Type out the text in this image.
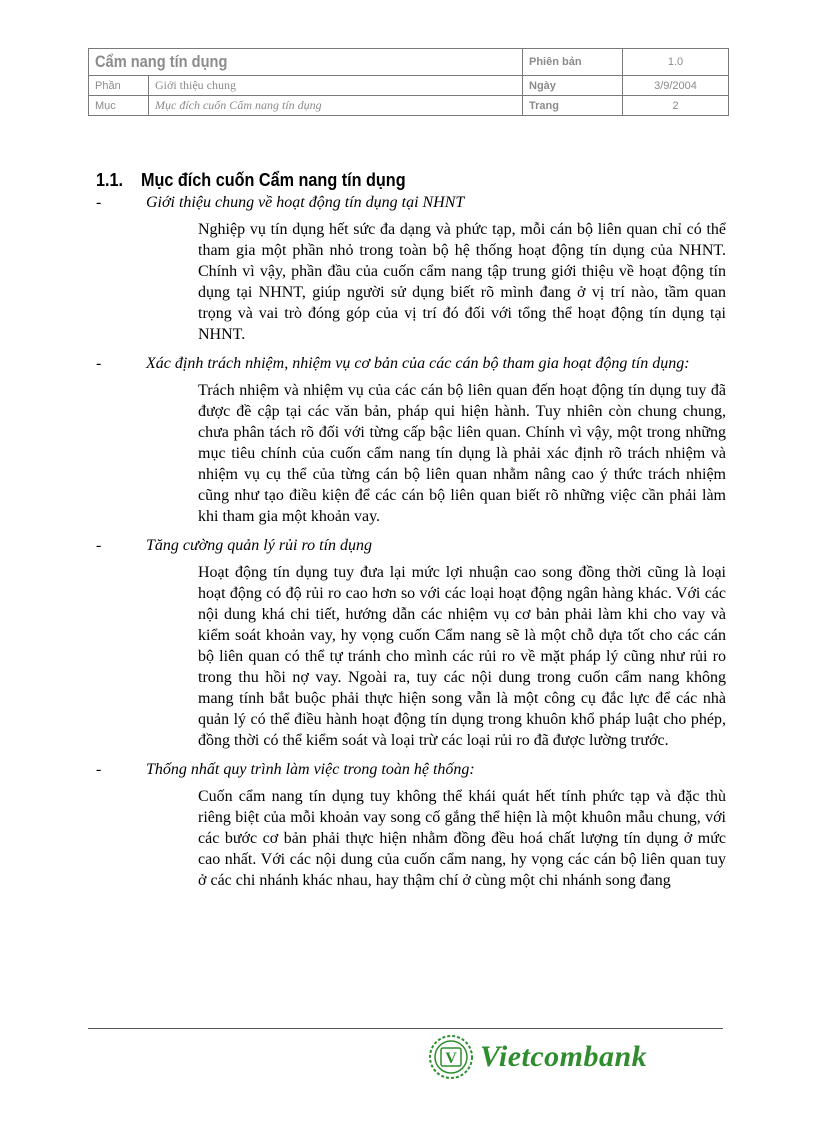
Cẩm nang tín dụng		Phiên bản	1.0
Phần	Giới thiệu chung	Ngày	3/9/2004
Mục	Mục đích cuốn Cẩm nang tín dụng	Trang	2
1.1. Mục đích cuốn Cẩm nang tín dụng
-	Giới thiệu chung về hoạt động tín dụng tại NHNT

Nghiệp vụ tín dụng hết sức đa dạng và phức tạp, mỗi cán bộ liên quan chỉ có thể tham gia một phần nhỏ trong toàn bộ hệ thống hoạt động tín dụng của NHNT. Chính vì vậy, phần đầu của cuốn cẩm nang tập trung giới thiệu về hoạt động tín dụng tại NHNT, giúp người sử dụng biết rõ mình đang ở vị trí nào, tầm quan trọng và vai trò đóng góp của vị trí đó đối với tổng thể hoạt động tín dụng tại NHNT.

-	Xác định trách nhiệm, nhiệm vụ cơ bản của các cán bộ tham gia hoạt động tín dụng:

Trách nhiệm và nhiệm vụ của các cán bộ liên quan đến hoạt động tín dụng tuy đã được đề cập tại các văn bản, pháp qui hiện hành. Tuy nhiên còn chung chung, chưa phân tách rõ đối với từng cấp bậc liên quan. Chính vì vậy, một trong những mục tiêu chính của cuốn cẩm nang tín dụng là phải xác định rõ trách nhiệm và nhiệm vụ cụ thể của từng cán bộ liên quan nhằm nâng cao ý thức trách nhiệm cũng như tạo điều kiện để các cán bộ liên quan biết rõ những việc cần phải làm khi tham gia một khoản vay.

-	Tăng cường quản lý rủi ro tín dụng

Hoạt động tín dụng tuy đưa lại mức lợi nhuận cao song đồng thời cũng là loại hoạt động có độ rủi ro cao hơn so với các loại hoạt động ngân hàng khác. Với các nội dung khá chi tiết, hướng dẫn các nhiệm vụ cơ bản phải làm khi cho vay và kiểm soát khoản vay, hy vọng cuốn Cẩm nang sẽ là một chỗ dựa tốt cho các cán bộ liên quan có thể tự tránh cho mình các rủi ro về mặt pháp lý cũng như rủi ro trong thu hồi nợ vay. Ngoài ra, tuy các nội dung trong cuốn cẩm nang không mang tính bắt buộc phải thực hiện song vẫn là một công cụ đắc lực để các nhà quản lý có thể điều hành hoạt động tín dụng trong khuôn khổ pháp luật cho phép, đồng thời có thể kiểm soát và loại trừ các loại rủi ro đã được lường trước.

-	Thống nhất quy trình làm việc trong toàn hệ thống:

Cuốn cẩm nang tín dụng tuy không thể khái quát hết tính phức tạp và đặc thù riêng biệt của mỗi khoản vay song cố gắng thể hiện là một khuôn mẫu chung, với các bước cơ bản phải thực hiện nhằm đồng đều hoá chất lượng tín dụng ở mức cao nhất. Với các nội dung của cuốn cẩm nang, hy vọng các cán bộ liên quan tuy ở các chi nhánh khác nhau, hay thậm chí ở cùng một chi nhánh song đang

V Vietcombank
